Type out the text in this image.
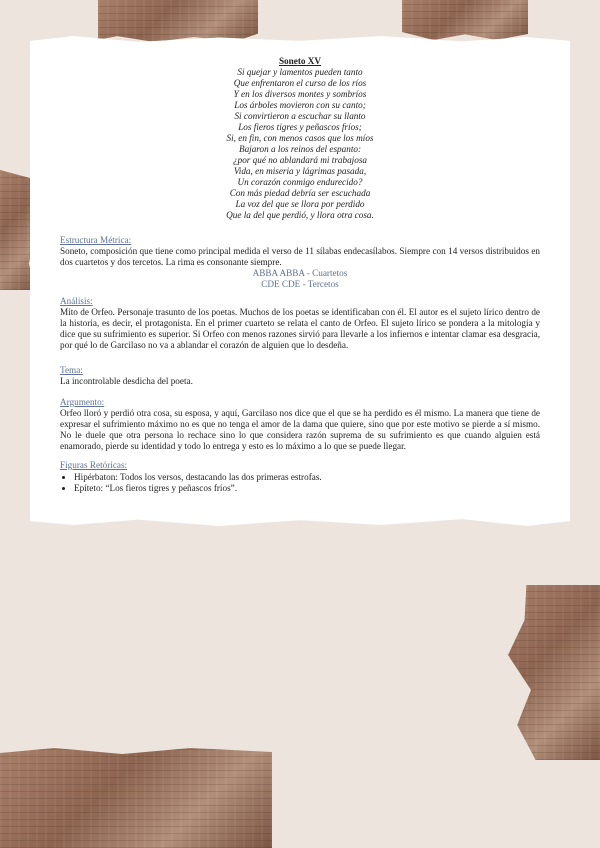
Soneto XV
Si quejar y lamentos pueden tanto
Que enfrentaron el curso de los ríos
Y en los diversos montes y sombríos
Los árboles movieron con su canto;
Si convirtieron a escuchar su llanto
Los fieros tigres y peñascos fríos;
Si, en fin, con menos casos que los míos
Bajaron a los reinos del espanto:
¿por qué no ablandará mi trabajosa
Vida, en miseria y lágrimas pasada,
Un corazón conmigo endurecido?
Con más piedad debría ser escuchada
La voz del que se llora por perdido
Que la del que perdió, y llora otra cosa.
Estructura Métrica:
Soneto, composición que tiene como principal medida el verso de 11 sílabas endecasílabos. Siempre con 14 versos distribuidos en dos cuartetos y dos tercetos. La rima es consonante siempre.
ABBA ABBA - Cuartetos
CDE CDE - Tercetos
Análisis:
Mito de Orfeo. Personaje trasunto de los poetas. Muchos de los poetas se identificaban con él. El autor es el sujeto lírico dentro de la historia, es decir, el protagonista. En el primer cuarteto se relata el canto de Orfeo. El sujeto lírico se pondera a la mitología y dice que su sufrimiento es superior. Si Orfeo con menos razones sirvió para llevarle a los infiernos e intentar clamar esa desgracia, por qué lo de Garcilaso no va a ablandar el corazón de alguien que lo desdeña.
Tema:
La incontrolable desdicha del poeta.
Argumento:
Orfeo lloró y perdió otra cosa, su esposa, y aquí, Garcilaso nos dice que el que se ha perdido es él mismo. La manera que tiene de expresar el sufrimiento máximo no es que no tenga el amor de la dama que quiere, sino que por este motivo se pierde a sí mismo. No le duele que otra persona lo rechace sino lo que considera razón suprema de su sufrimiento es que cuando alguien está enamorado, pierde su identidad y todo lo entrega y esto es lo máximo a lo que se puede llegar.
Figuras Retóricas:
• Hipérbaton: Todos los versos, destacando las dos primeras estrofas.
• Epíteto: “Los fieros tigres y peñascos fríos”.
